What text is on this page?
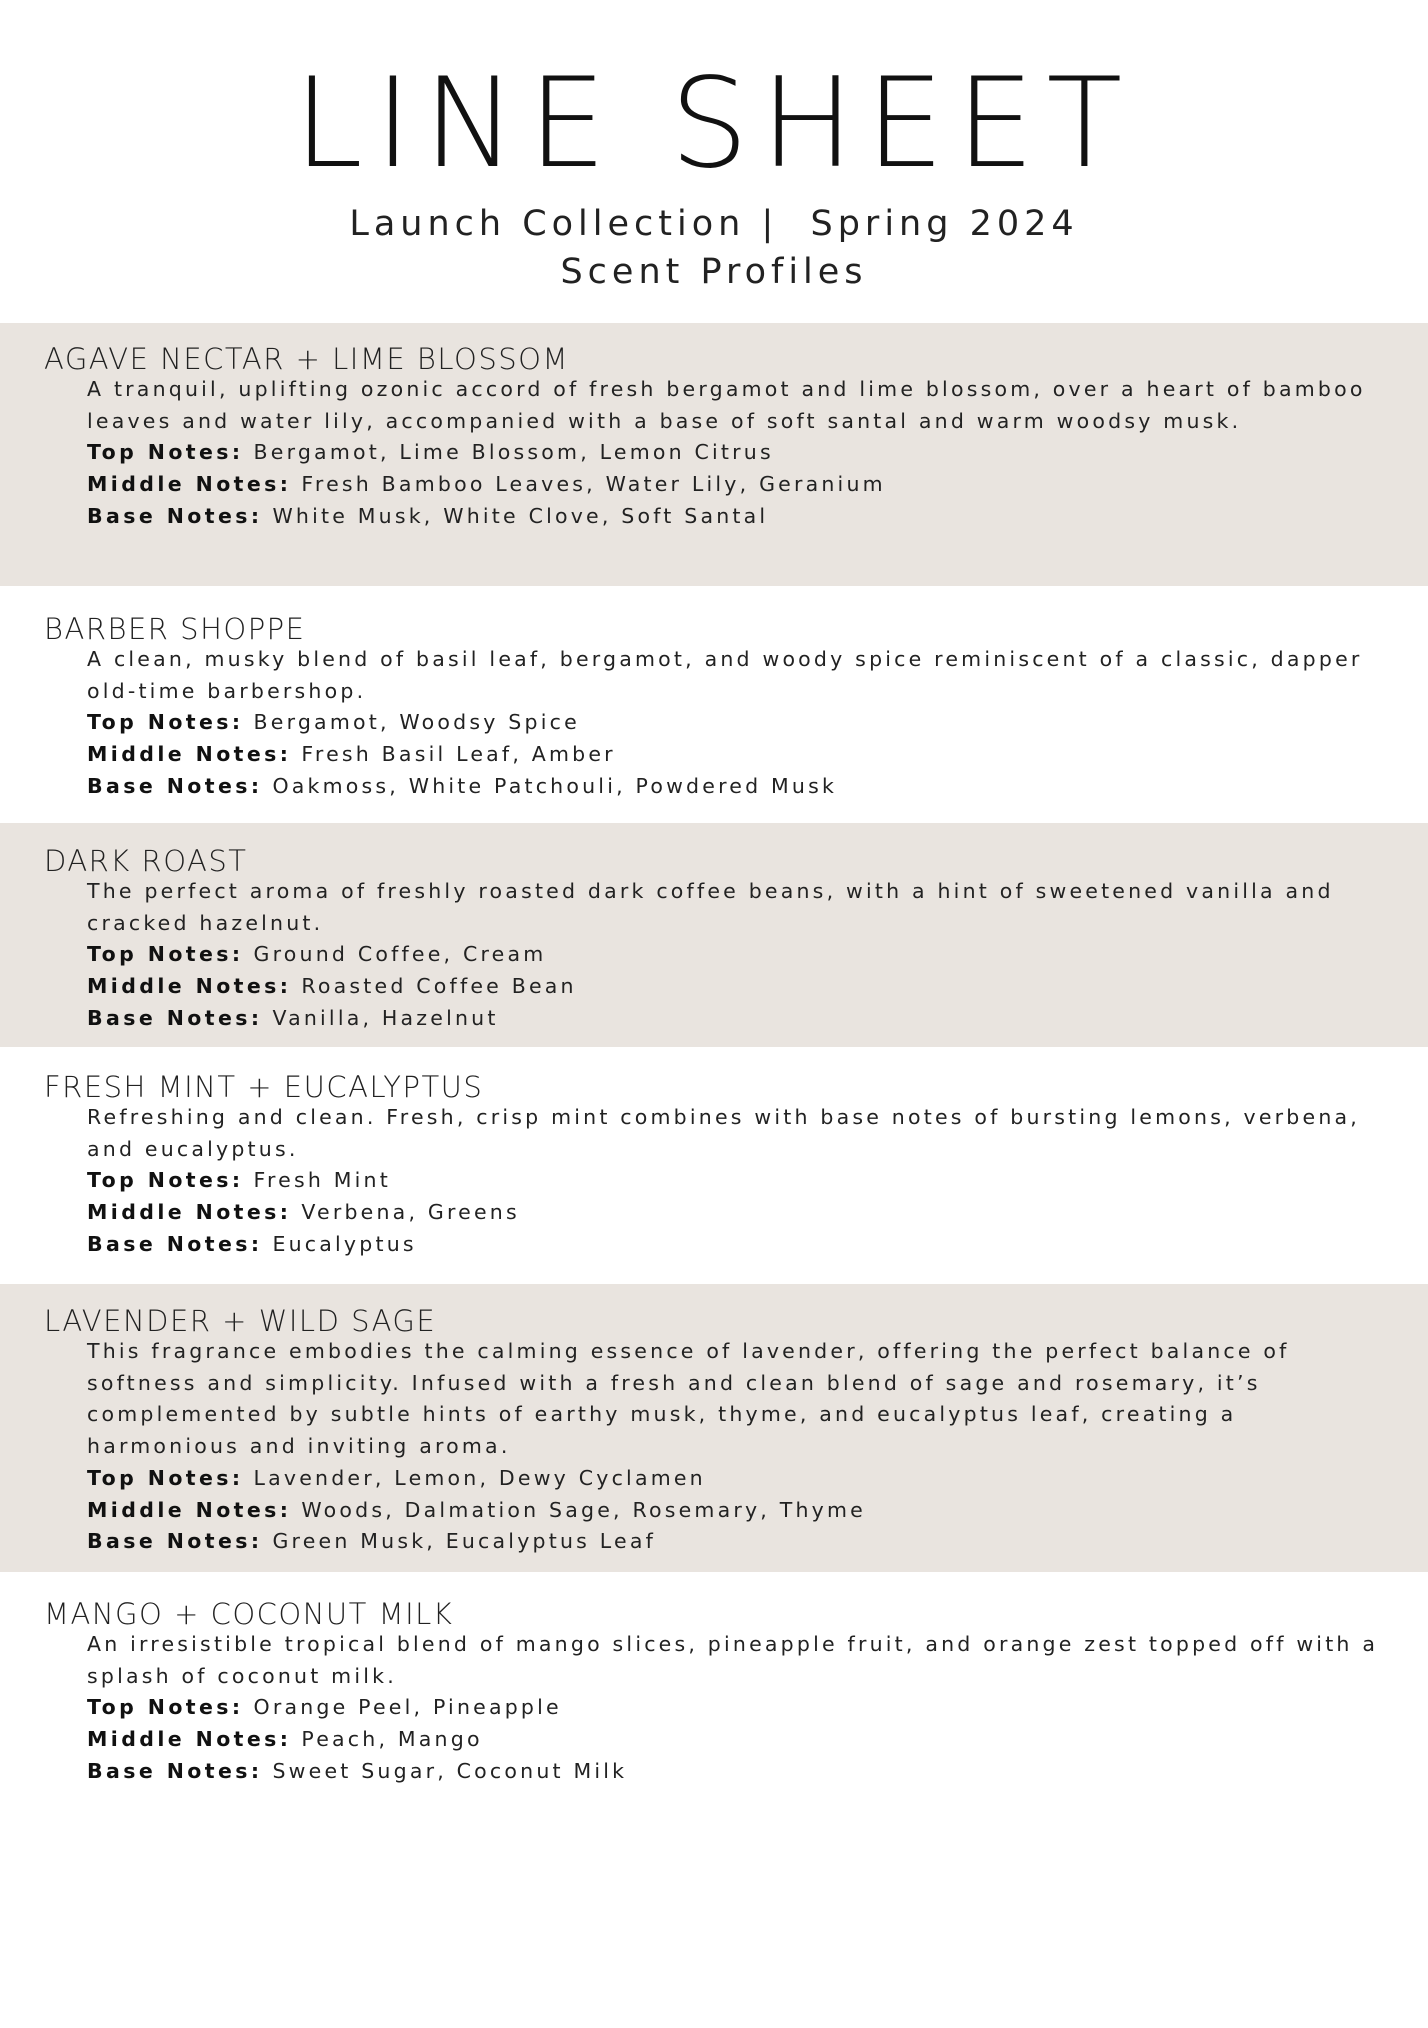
LINE SHEET
Launch Collection |  Spring 2024
Scent Profiles
AGAVE NECTAR + LIME BLOSSOM

A tranquil, uplifting ozonic accord of fresh bergamot and lime blossom, over a heart of bamboo leaves and water lily, accompanied with a base of soft santal and warm woodsy musk.

Top Notes: Bergamot, Lime Blossom, Lemon Citrus
Middle Notes: Fresh Bamboo Leaves, Water Lily, Geranium
Base Notes: White Musk, White Clove, Soft Santal
BARBER SHOPPE

A clean, musky blend of basil leaf, bergamot, and woody spice reminiscent of a classic, dapper old-time barbershop.

Top Notes: Bergamot, Woodsy Spice
Middle Notes: Fresh Basil Leaf, Amber
Base Notes: Oakmoss, White Patchouli, Powdered Musk
DARK ROAST

The perfect aroma of freshly roasted dark coffee beans, with a hint of sweetened vanilla and cracked hazelnut.

Top Notes: Ground Coffee, Cream
Middle Notes: Roasted Coffee Bean
Base Notes: Vanilla, Hazelnut
FRESH MINT + EUCALYPTUS

Refreshing and clean. Fresh, crisp mint combines with base notes of bursting lemons, verbena, and eucalyptus.

Top Notes: Fresh Mint
Middle Notes: Verbena, Greens
Base Notes: Eucalyptus
LAVENDER + WILD SAGE

This fragrance embodies the calming essence of lavender, offering the perfect balance of softness and simplicity. Infused with a fresh and clean blend of sage and rosemary, it’s complemented by subtle hints of earthy musk, thyme, and eucalyptus leaf, creating a harmonious and inviting aroma.

Top Notes: Lavender, Lemon, Dewy Cyclamen
Middle Notes: Woods, Dalmation Sage, Rosemary, Thyme
Base Notes: Green Musk, Eucalyptus Leaf
MANGO + COCONUT MILK

An irresistible tropical blend of mango slices, pineapple fruit, and orange zest topped off with a splash of coconut milk.

Top Notes: Orange Peel, Pineapple
Middle Notes: Peach, Mango
Base Notes: Sweet Sugar, Coconut Milk
